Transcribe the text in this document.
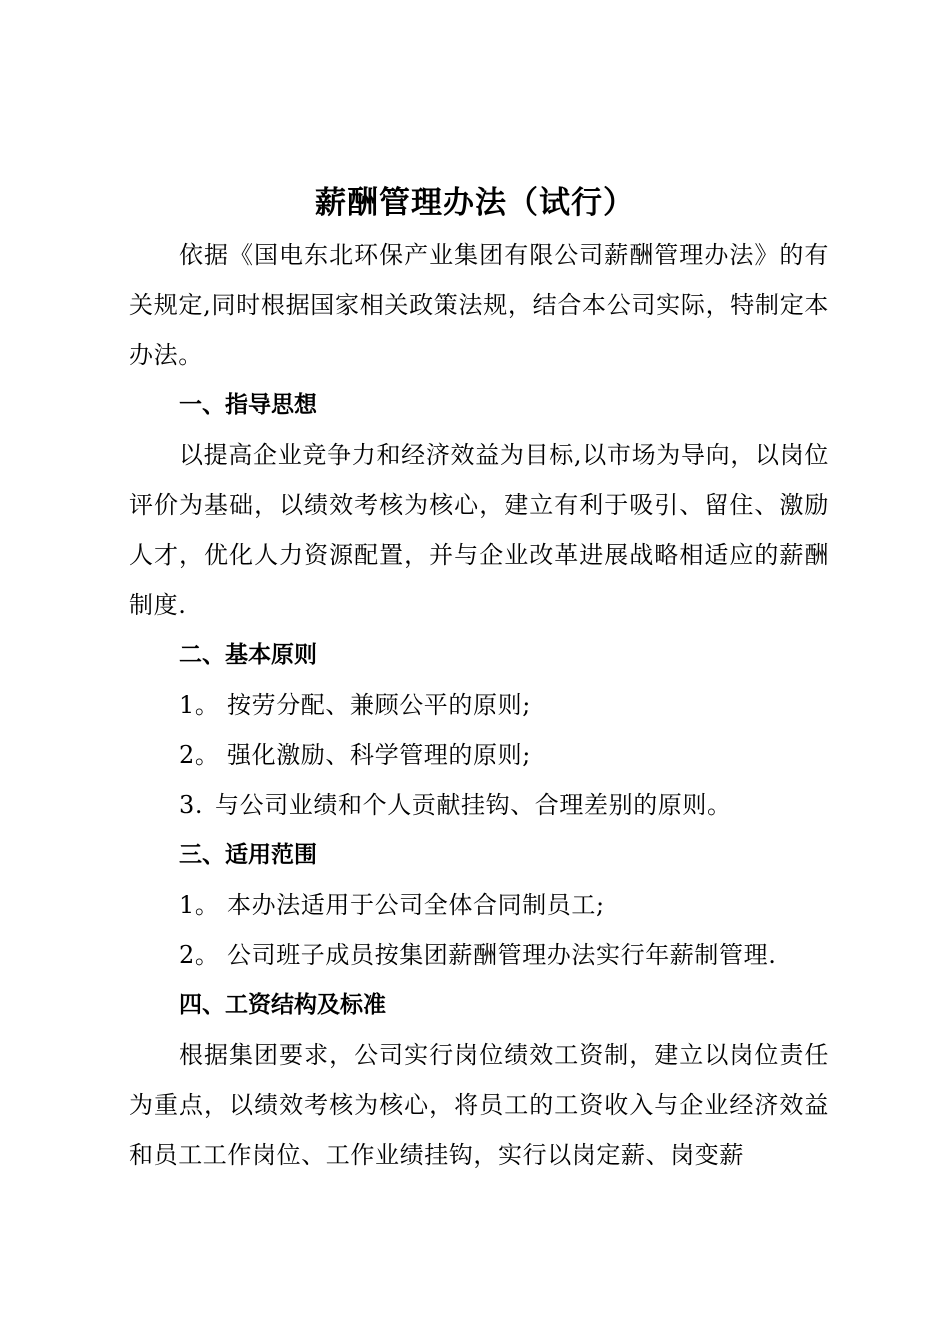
薪酬管理办法（试行）

依据《国电东北环保产业集团有限公司薪酬管理办法》的有关规定,同时根据国家相关政策法规，结合本公司实际，特制定本办法。

一、指导思想

以提高企业竞争力和经济效益为目标,以市场为导向，以岗位评价为基础，以绩效考核为核心，建立有利于吸引、留住、激励人才，优化人力资源配置，并与企业改革进展战略相适应的薪酬制度.

二、基本原则

1。 按劳分配、兼顾公平的原则;

2。 强化激励、科学管理的原则;

3. 与公司业绩和个人贡献挂钩、合理差别的原则。

三、适用范围

1。 本办法适用于公司全体合同制员工;

2。 公司班子成员按集团薪酬管理办法实行年薪制管理.

四、工资结构及标准

根据集团要求，公司实行岗位绩效工资制，建立以岗位责任为重点，以绩效考核为核心，将员工的工资收入与企业经济效益和员工工作岗位、工作业绩挂钩，实行以岗定薪、岗变薪
